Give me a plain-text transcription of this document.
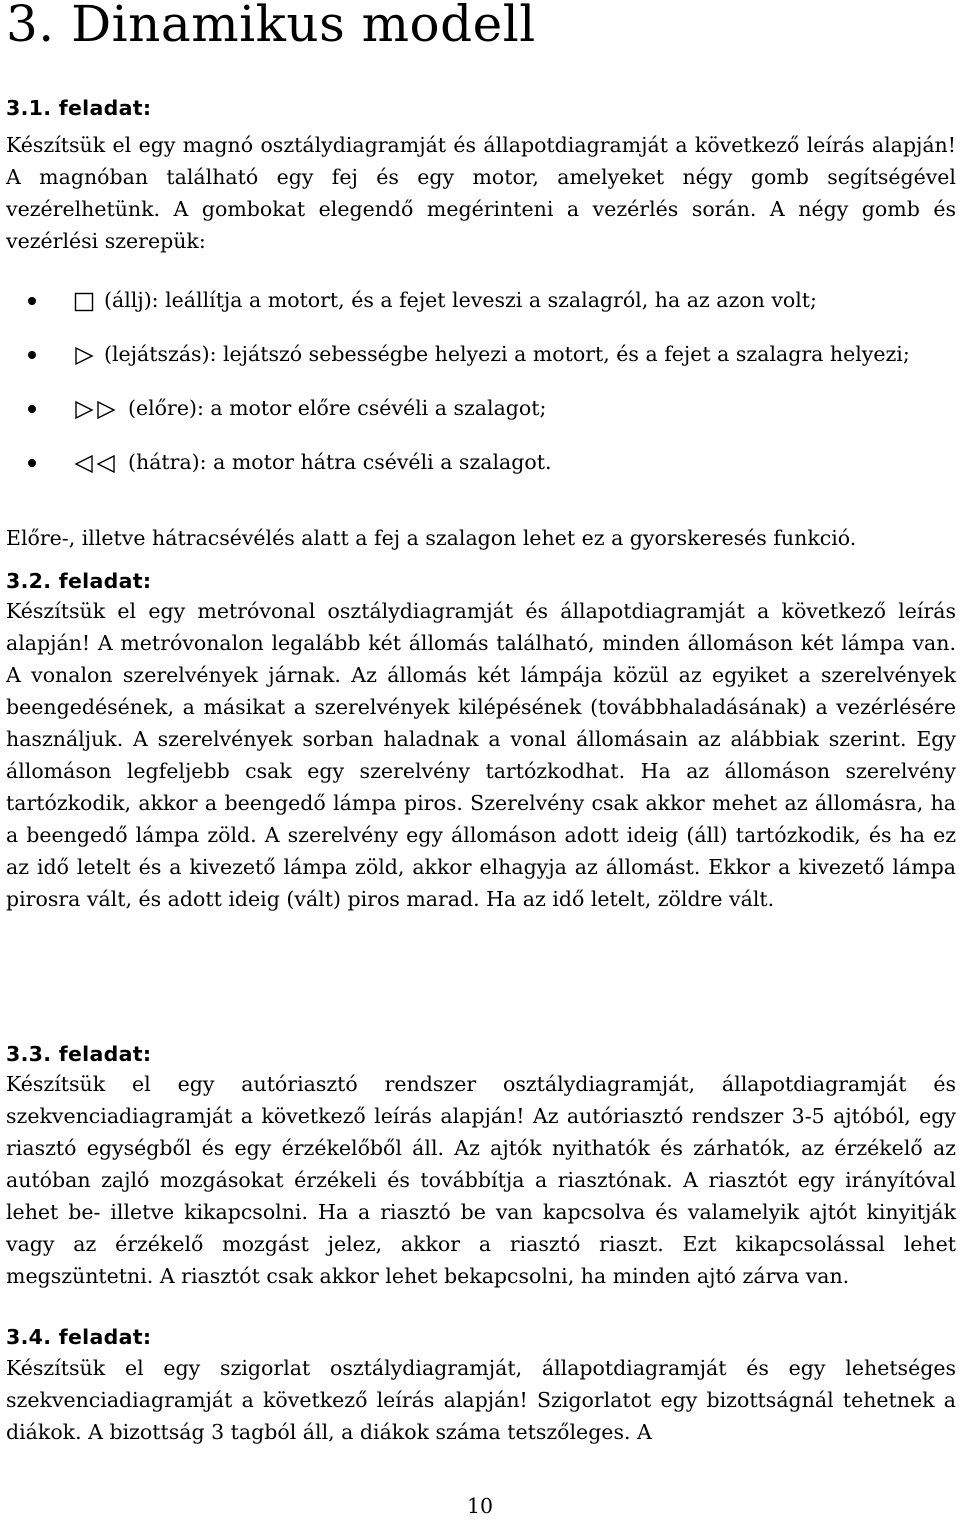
3. Dinamikus modell
3.1. feladat:

Készítsük el egy magnó osztálydiagramját és állapotdiagramját a következő leírás alapján! A magnóban található egy fej és egy motor, amelyeket négy gomb segítségével vezérelhetünk. A gombokat elegendő megérinteni a vezérlés során. A négy gomb és vezérlési szerepük:

(állj): leállítja a motort, és a fejet leveszi a szalagról, ha az azon volt;
(lejátszás): lejátszó sebességbe helyezi a motort, és a fejet a szalagra helyezi;
(előre): a motor előre csévéli a szalagot;
(hátra): a motor hátra csévéli a szalagot.

Előre-, illetve hátracsévélés alatt a fej a szalagon lehet ez a gyorskeresés funkció.

3.2. feladat:

Készítsük el egy metróvonal osztálydiagramját és állapotdiagramját a következő leírás alapján! A metróvonalon legalább két állomás található, minden állomáson két lámpa van. A vonalon szerelvények járnak. Az állomás két lámpája közül az egyiket a szerelvények beengedésének, a másikat a szerelvények kilépésének (továbbhaladásának) a vezérlésére használjuk. A szerelvények sorban haladnak a vonal állomásain az alábbiak szerint. Egy állomáson legfeljebb csak egy szerelvény tartózkodhat. Ha az állomáson szerelvény tartózkodik, akkor a beengedő lámpa piros. Szerelvény csak akkor mehet az állomásra, ha a beengedő lámpa zöld. A szerelvény egy állomáson adott ideig (áll) tartózkodik, és ha ez az idő letelt és a kivezető lámpa zöld, akkor elhagyja az állomást. Ekkor a kivezető lámpa pirosra vált, és adott ideig (vált) piros marad. Ha az idő letelt, zöldre vált.

3.3. feladat:

Készítsük el egy autóriasztó rendszer osztálydiagramját, állapotdiagramját és szekvenciadiagramját a következő leírás alapján! Az autóriasztó rendszer 3-5 ajtóból, egy riasztó egységből és egy érzékelőből áll. Az ajtók nyithatók és zárhatók, az érzékelő az autóban zajló mozgásokat érzékeli és továbbítja a riasztónak. A riasztót egy irányítóval lehet be- illetve kikapcsolni. Ha a riasztó be van kapcsolva és valamelyik ajtót kinyitják vagy az érzékelő mozgást jelez, akkor a riasztó riaszt. Ezt kikapcsolással lehet megszüntetni. A riasztót csak akkor lehet bekapcsolni, ha minden ajtó zárva van.

3.4. feladat:

Készítsük el egy szigorlat osztálydiagramját, állapotdiagramját és egy lehetséges szekvenciadiagramját a következő leírás alapján! Szigorlatot egy bizottságnál tehetnek a diákok. A bizottság 3 tagból áll, a diákok száma tetszőleges. A

10
